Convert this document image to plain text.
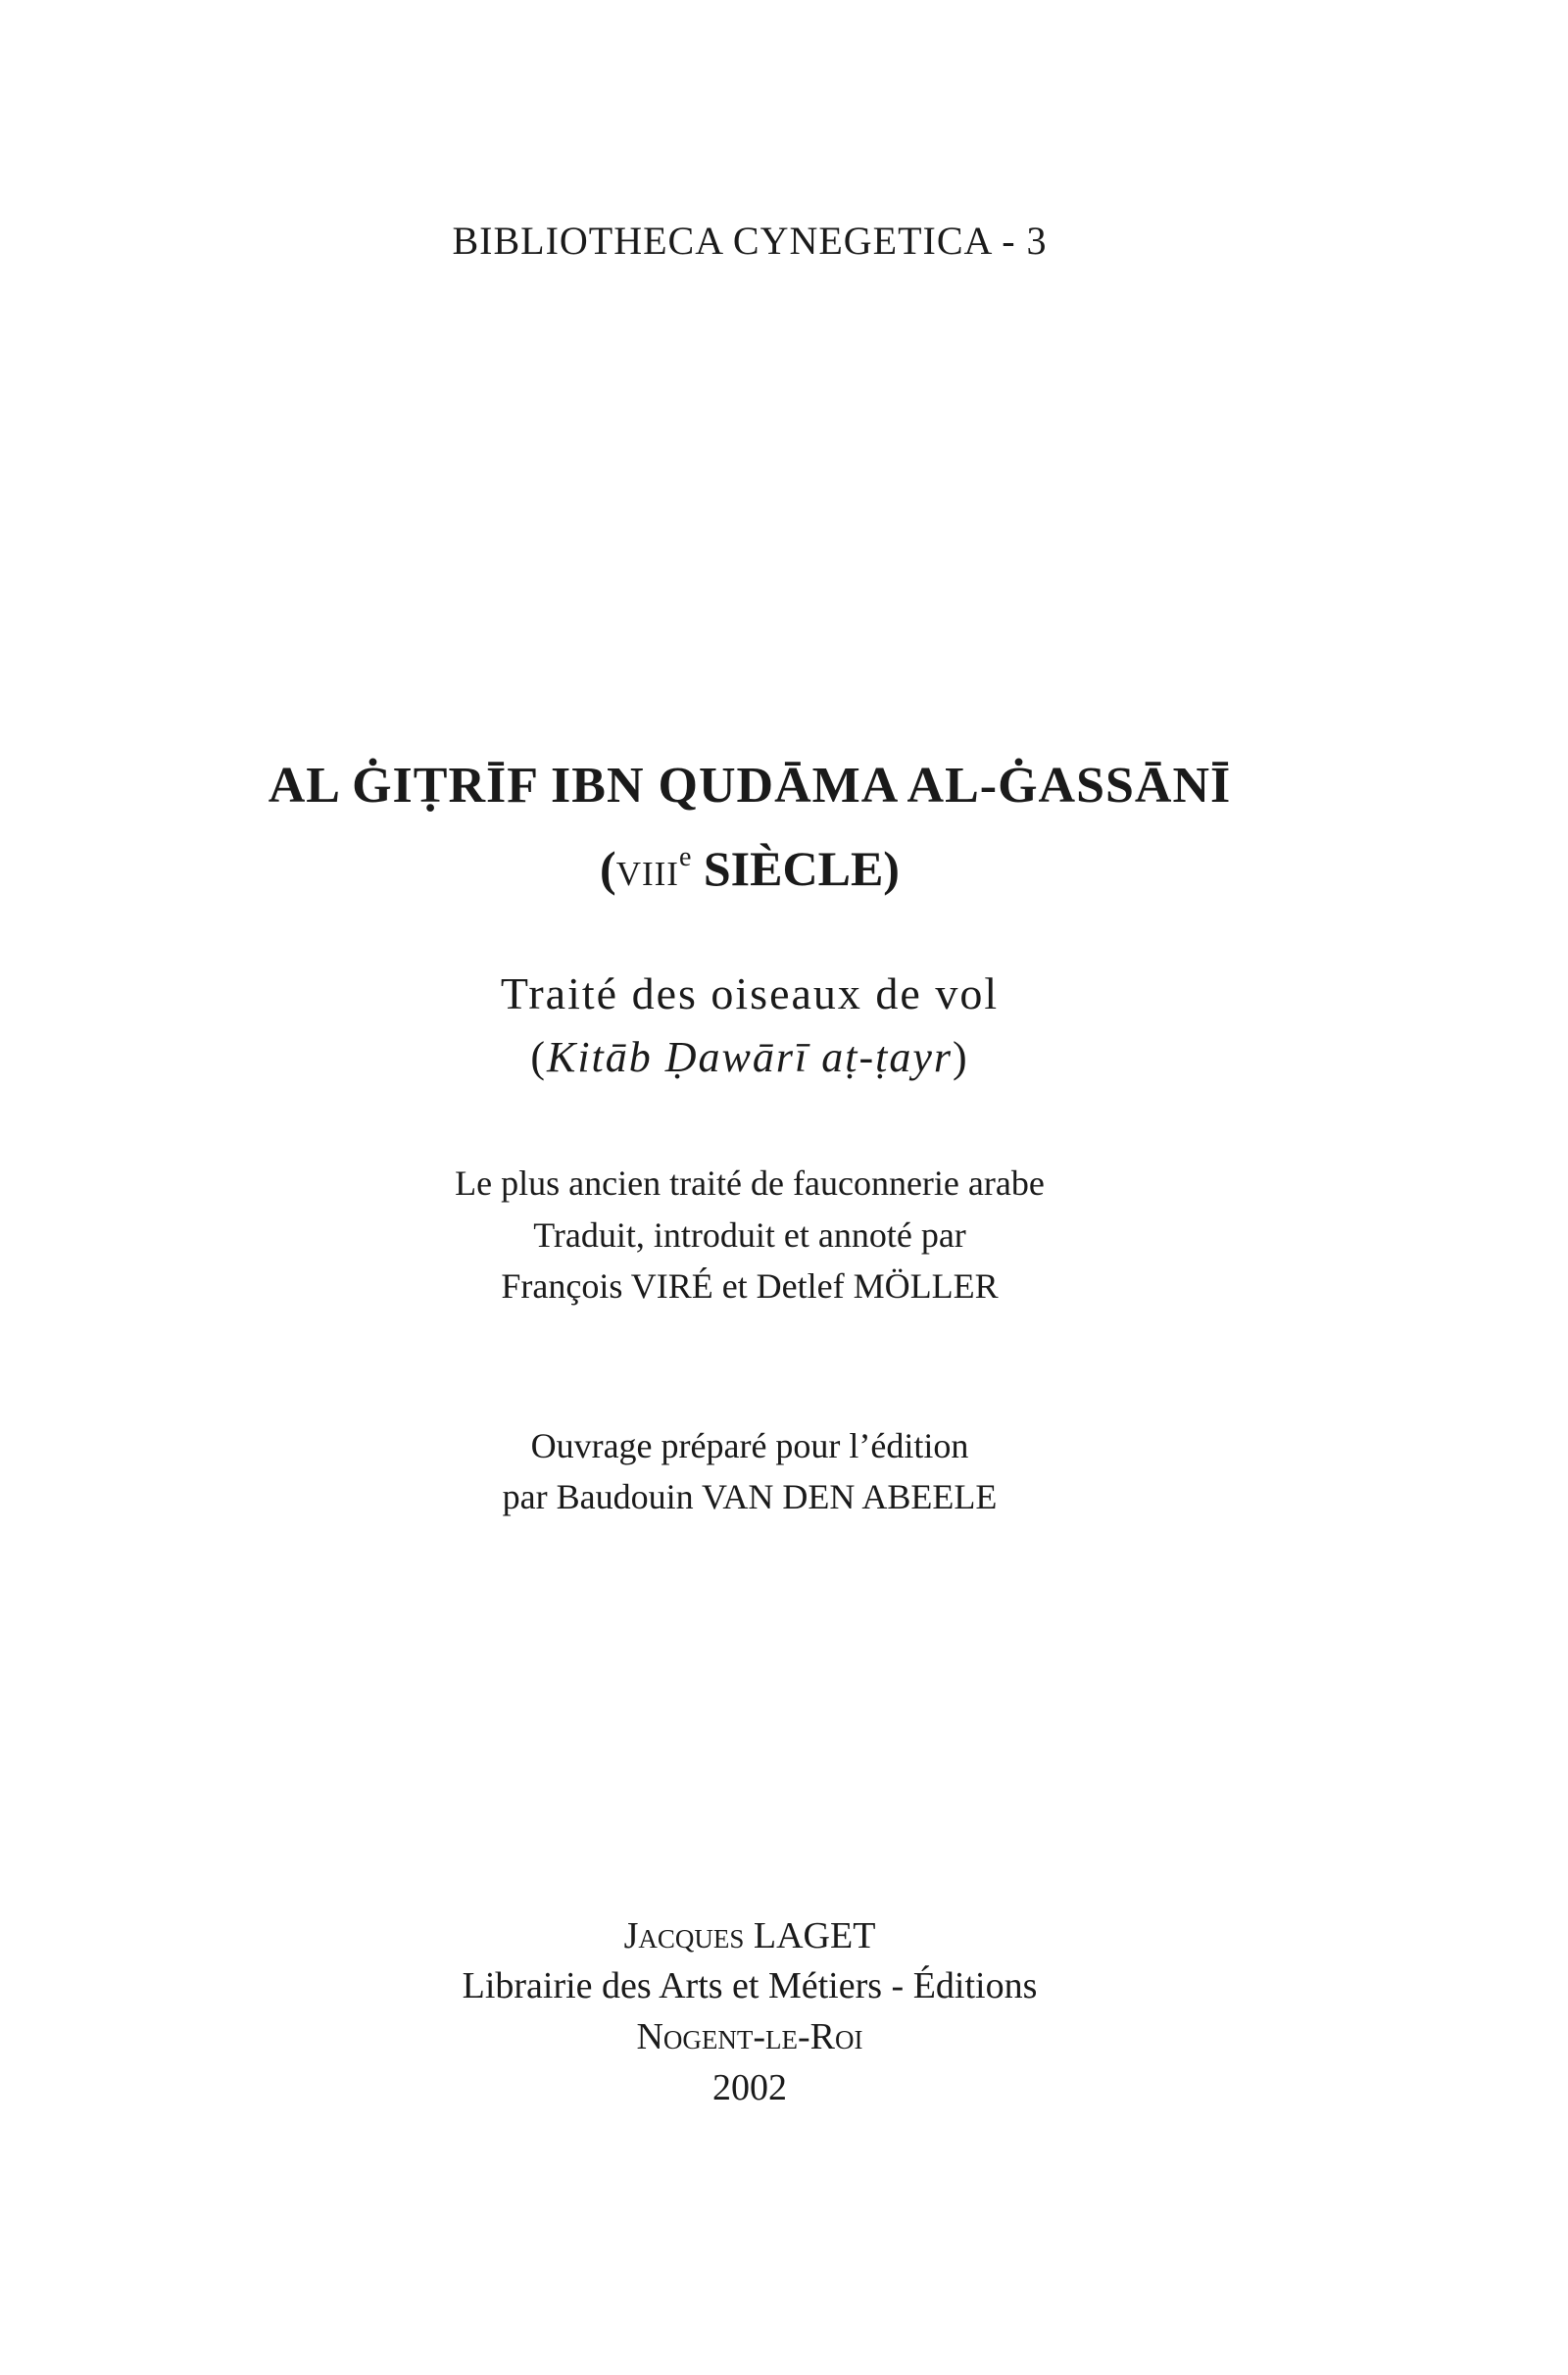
BIBLIOTHECA CYNEGETICA - 3
AL ĠIṬRĪF IBN QUDĀMA AL-ĠASSĀNĪ
(viii$^e$ SIÈCLE)
Traité des oiseaux de vol
(Kitāb Ḍawārī aṭ-ṭayr)
Le plus ancien traité de fauconnerie arabe
Traduit, introduit et annoté par
François VIRÉ et Detlef MÖLLER
Ouvrage préparé pour l’édition
par Baudouin VAN DEN ABEELE
Jacques LAGET
Librairie des Arts et Métiers - Éditions
Nogent-le-Roi
2002
